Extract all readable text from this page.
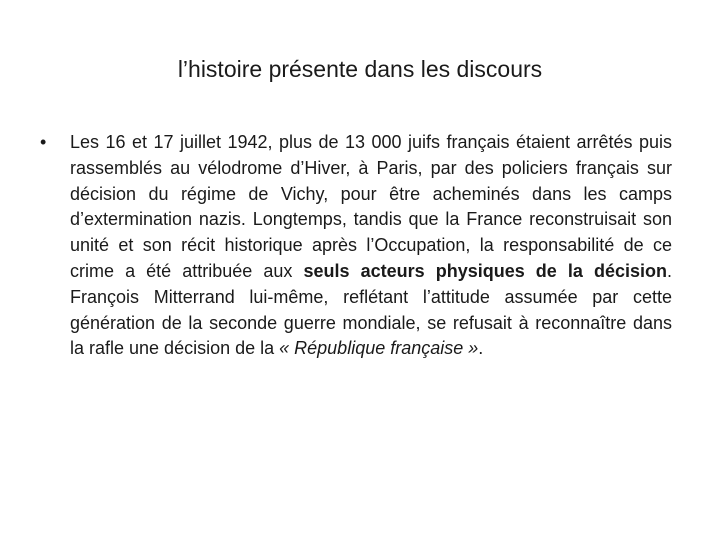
l’histoire présente dans les discours
•	Les 16 et 17 juillet 1942, plus de 13 000 juifs français étaient arrêtés puis rassemblés au vélodrome d’Hiver, à Paris, par des policiers français sur décision du régime de Vichy, pour être acheminés dans les camps d’extermination nazis. Longtemps, tandis que la France reconstruisait son unité et son récit historique après l’Occupation, la responsabilité de ce crime a été attribuée aux seuls acteurs physiques de la décision. François Mitterrand lui-même, reflétant l’attitude assumée par cette génération de la seconde guerre mondiale, se refusait à reconnaître dans la rafle une décision de la « République française ».
